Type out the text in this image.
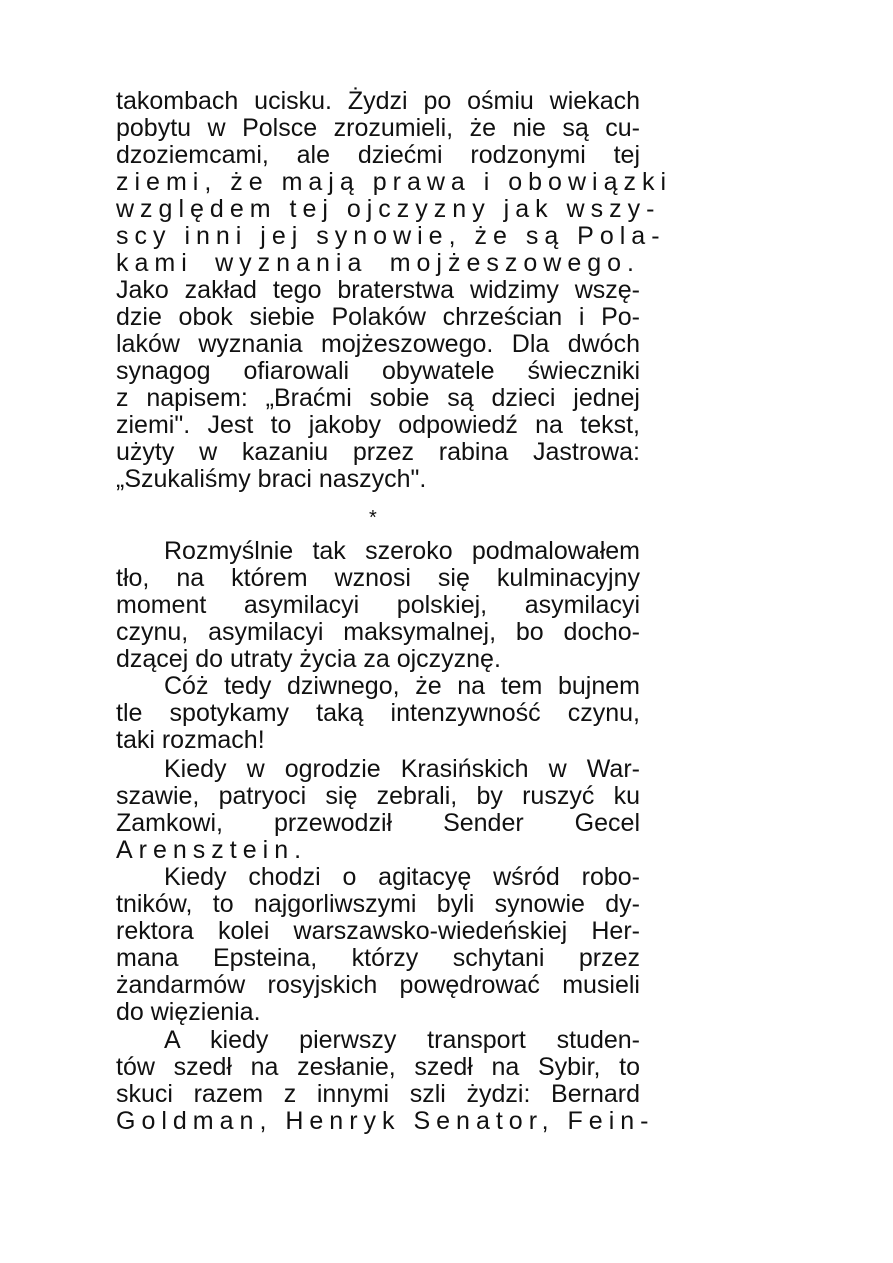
takombach ucisku. Żydzi po ośmiu wiekach
pobytu w Polsce zrozumieli, że nie są cu-
dzoziemcami, ale dziećmi rodzonymi tej
ziemi, że mają prawa i obowiązki
względem tej ojczyzny jak wszy-
scy inni jej synowie, że są Pola-
kami wyznania mojżeszowego.
Jako zakład tego braterstwa widzimy wszę-
dzie obok siebie Polaków chrześcian i Po-
laków wyznania mojżeszowego. Dla dwóch
synagog ofiarowali obywatele świeczniki
z napisem: „Braćmi sobie są dzieci jednej
ziemi". Jest to jakoby odpowiedź na tekst,
użyty w kazaniu przez rabina Jastrowa:
„Szukaliśmy braci naszych".
*
Rozmyślnie tak szeroko podmalowałem
tło, na którem wznosi się kulminacyjny
moment asymilacyi polskiej, asymilacyi
czynu, asymilacyi maksymalnej, bo docho-
dzącej do utraty życia za ojczyznę.
Cóż tedy dziwnego, że na tem bujnem
tle spotykamy taką intenzywność czynu,
taki rozmach!
Kiedy w ogrodzie Krasińskich w War-
szawie, patryoci się zebrali, by ruszyć ku
Zamkowi, przewodził Sender Gecel
Arensztein.
Kiedy chodzi o agitacyę wśród robo-
tników, to najgorliwszymi byli synowie dy-
rektora kolei warszawsko-wiedeńskiej Her-
mana Epsteina, którzy schytani przez
żandarmów rosyjskich powędrować musieli
do więzienia.
A kiedy pierwszy transport studen-
tów szedł na zesłanie, szedł na Sybir, to
skuci razem z innymi szli żydzi: Bernard
Goldman, Henryk Senator, Fein-
